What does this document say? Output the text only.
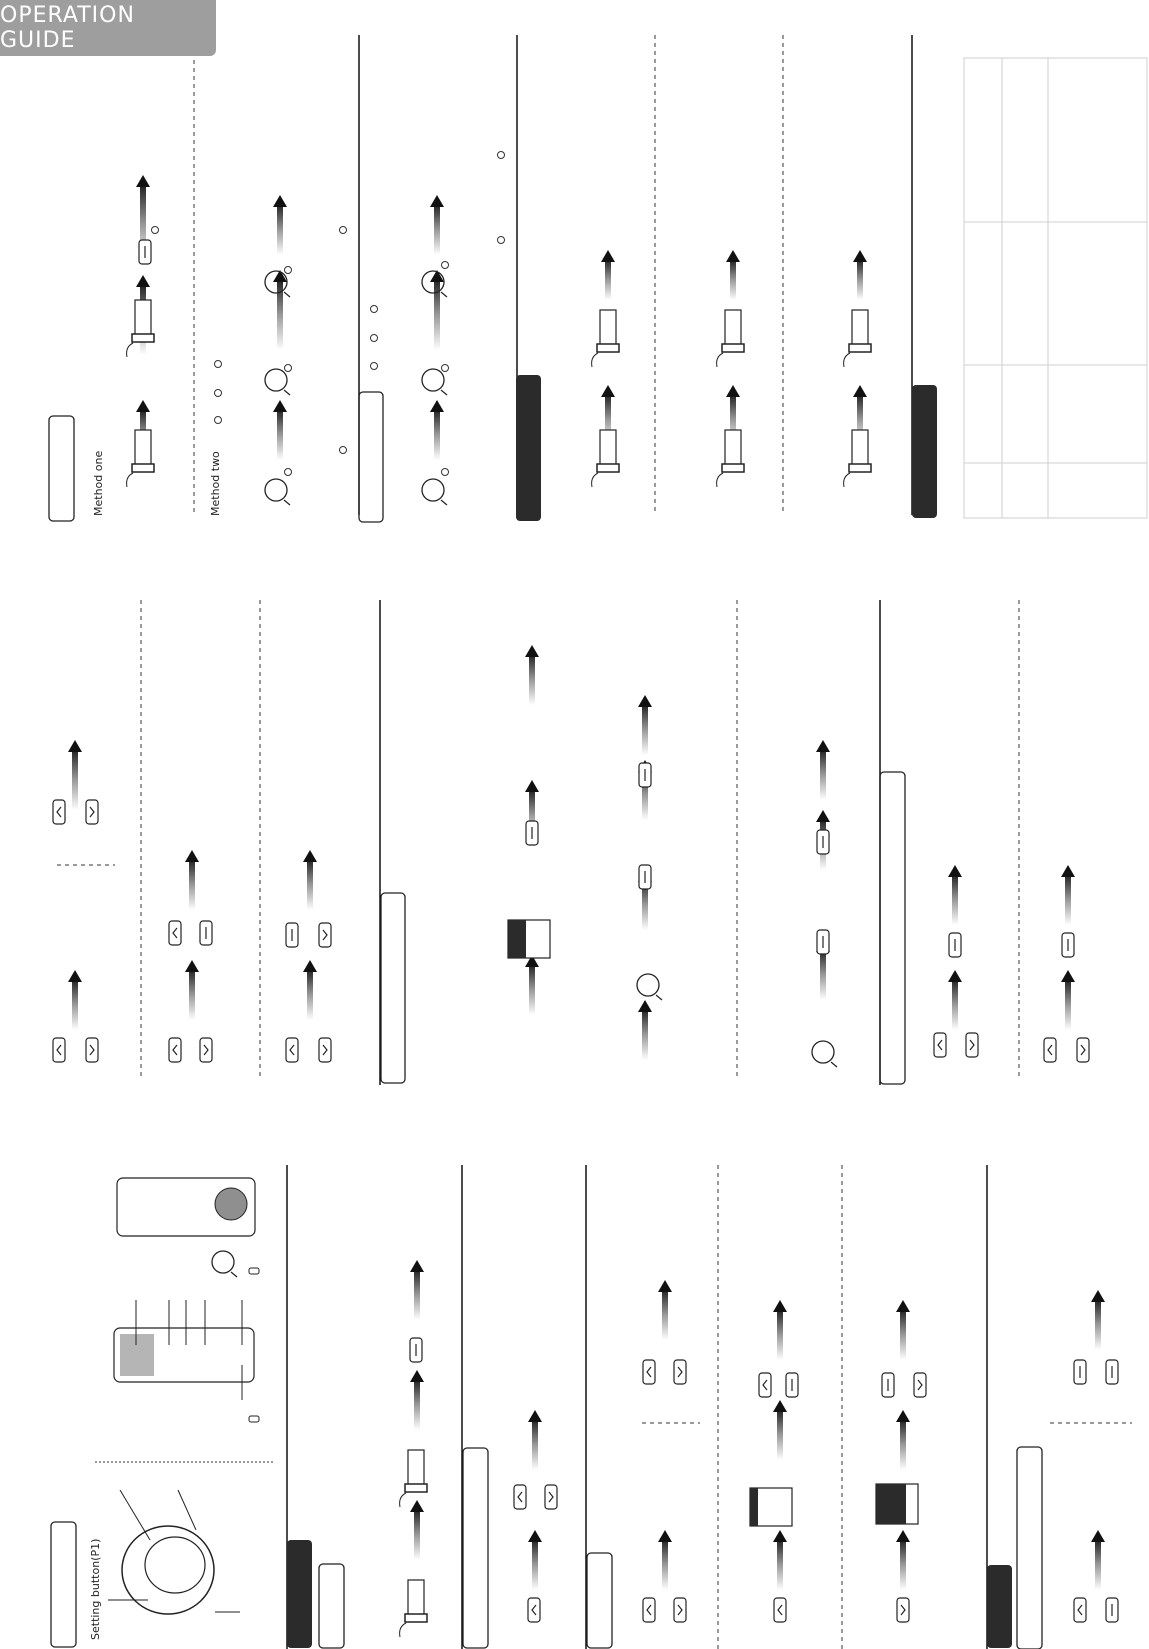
OPERATION GUIDE
Method one	Method two
Setting button(P1)
